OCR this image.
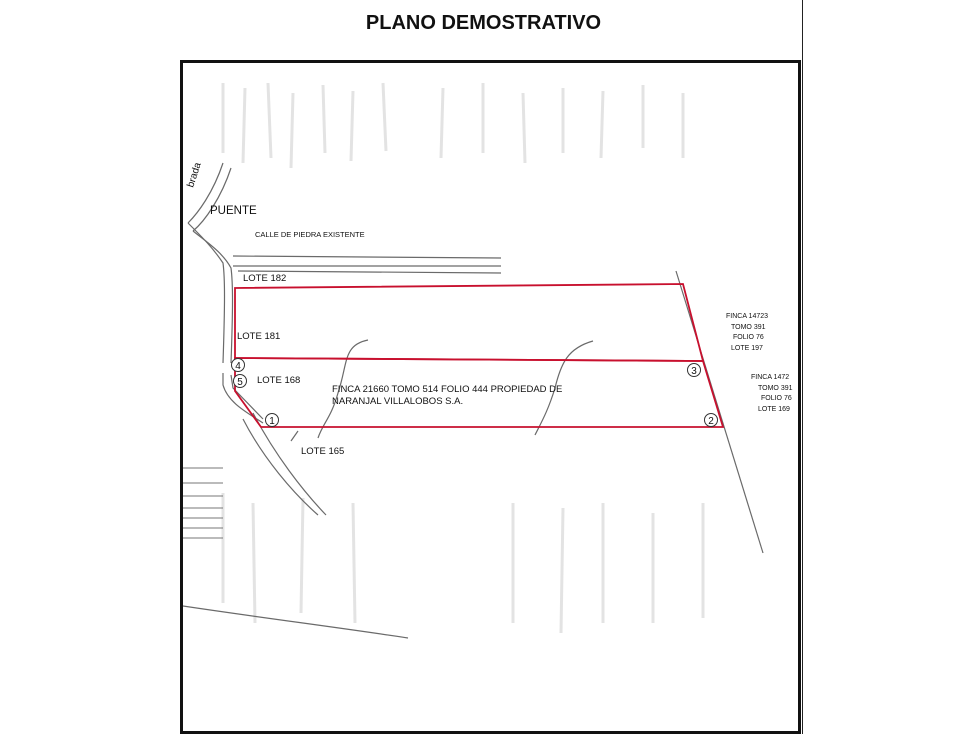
PLANO DEMOSTRATIVO
4
5
1	2
3
brada
PUENTE
CALLE DE PIEDRA EXISTENTE
LOTE 182
LOTE 181
LOTE 168
LOTE 165
FINCA 21660 TOMO 514 FOLIO 444 PROPIEDAD DE
NARANJAL VILLALOBOS S.A.
FINCA 14723
TOMO 391
FOLIO 76
LOTE 197
FINCA 1472
TOMO 391
FOLIO 76
LOTE 169
